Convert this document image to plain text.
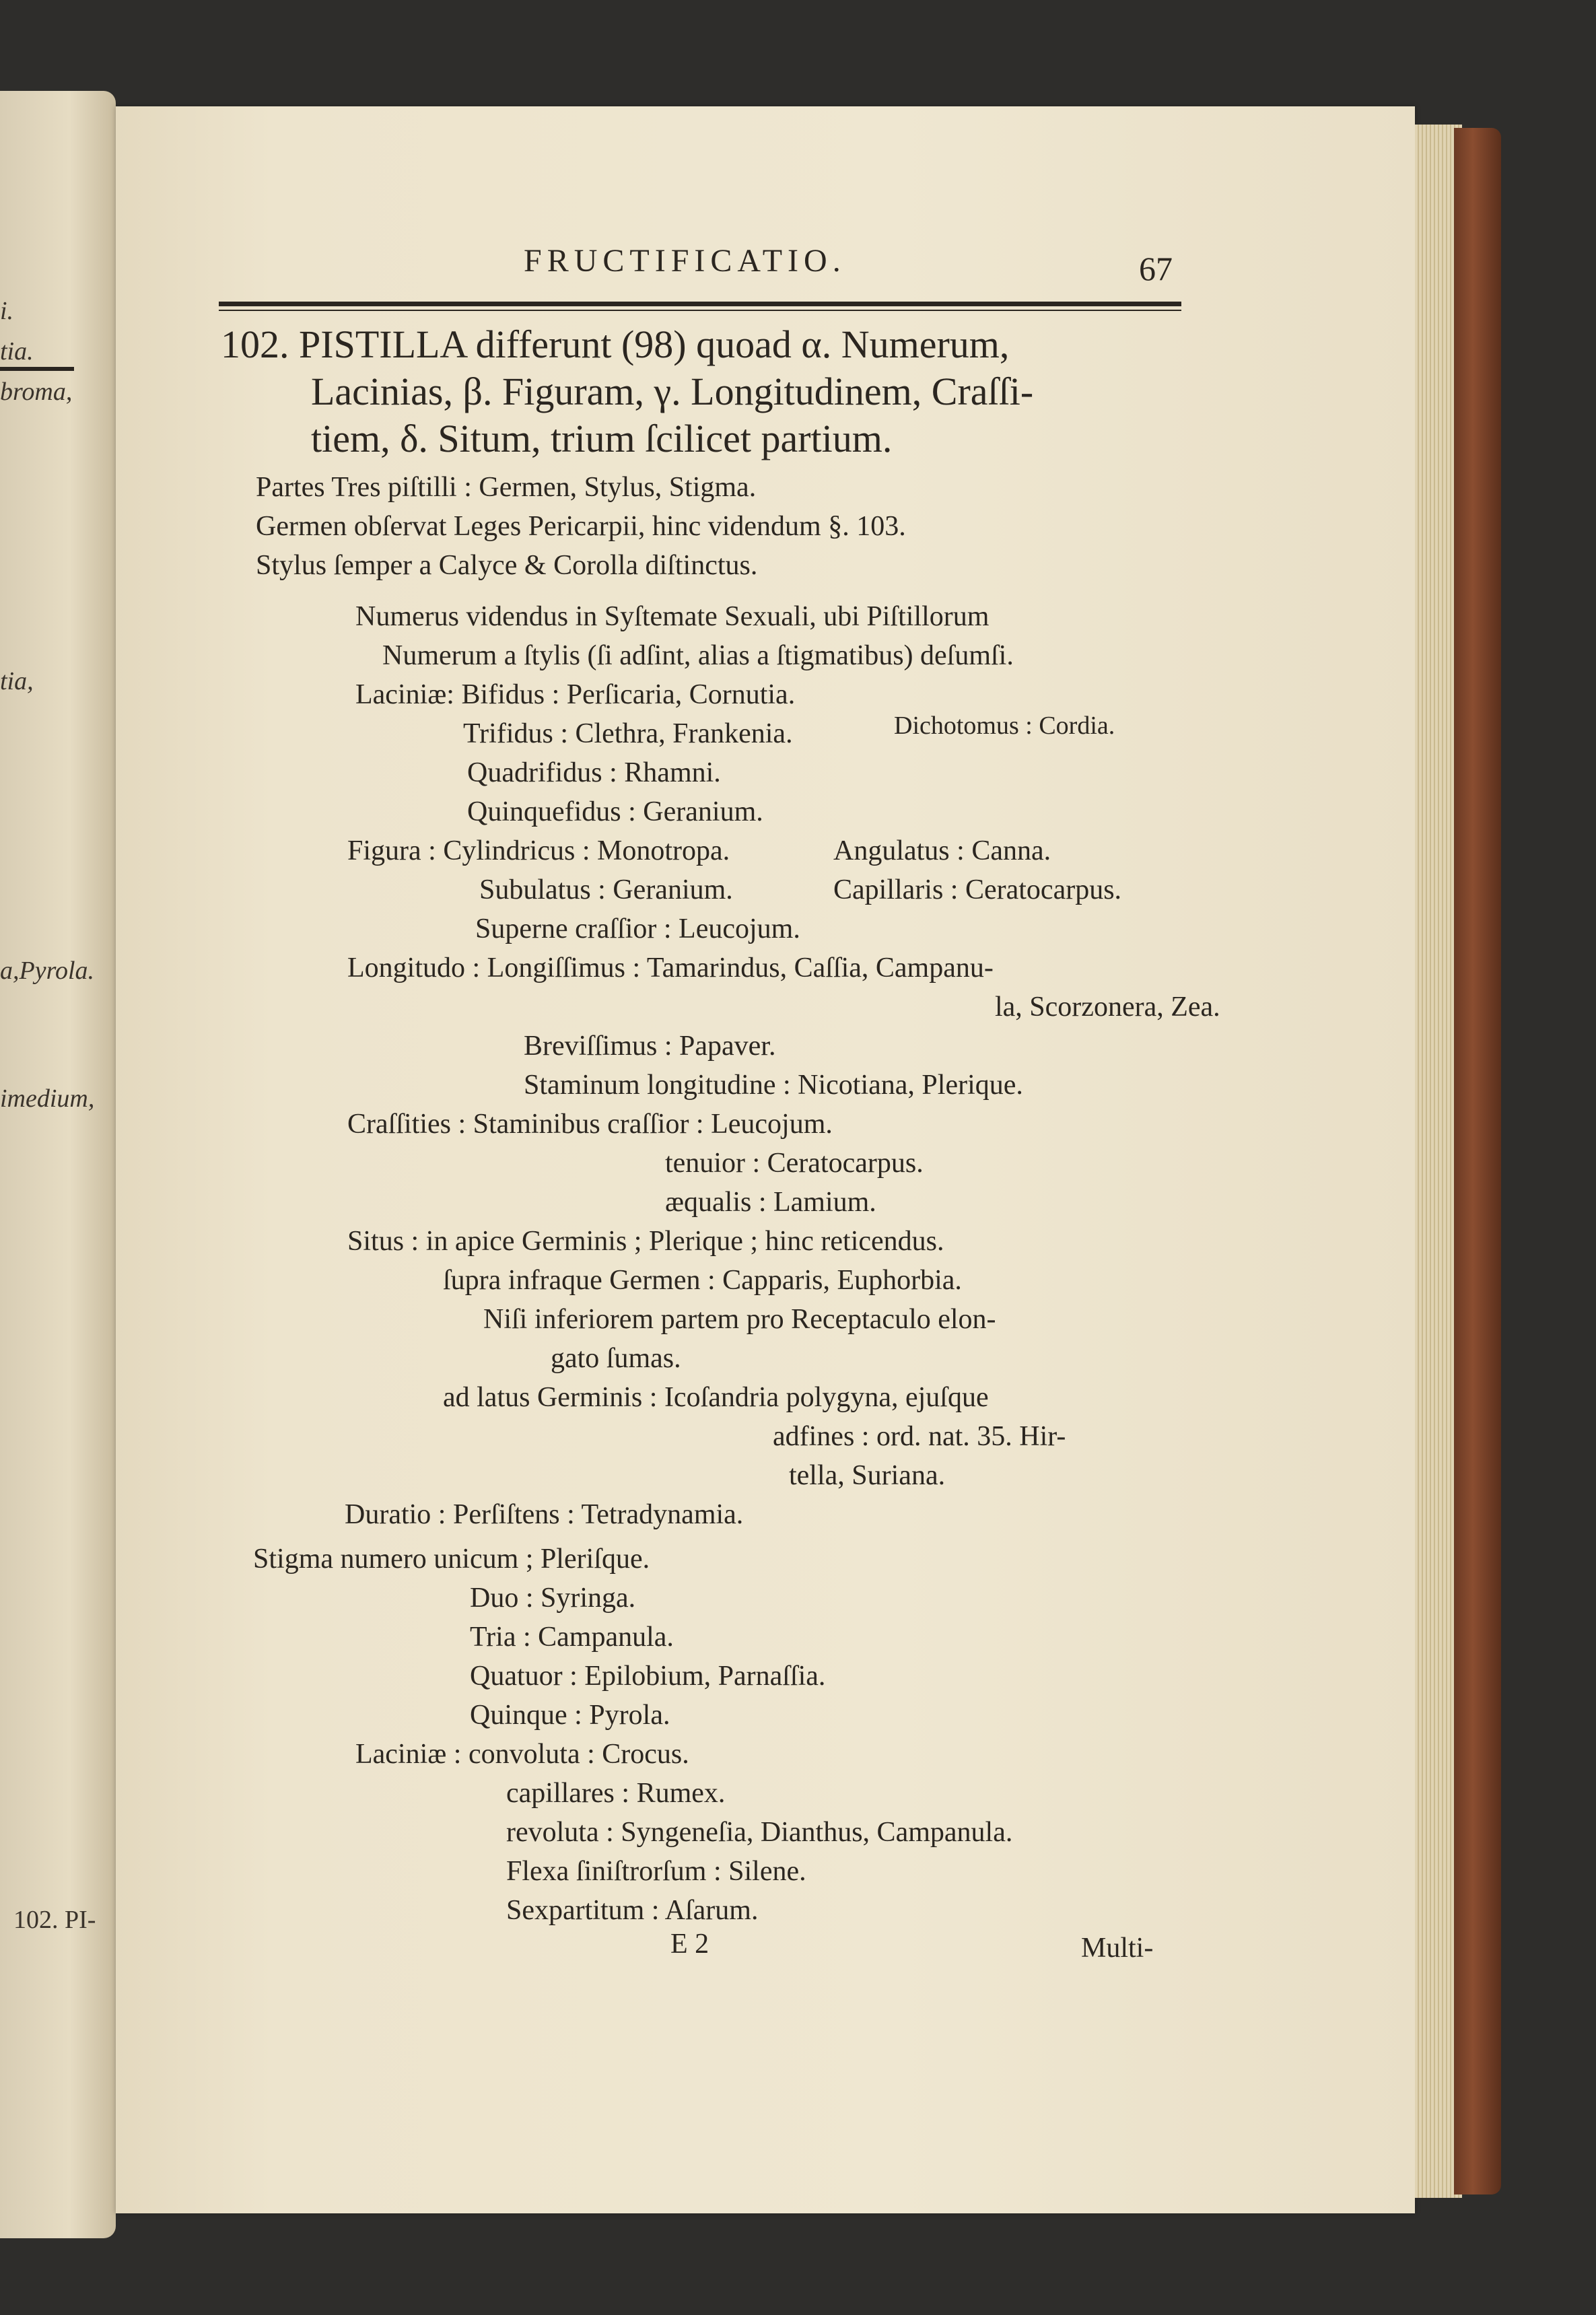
i.
tia.
broma,
tia,
a,Pyrola.
imedium,
102. PI-
FRUCTIFICATIO.	67
102. PISTILLA differunt (98) quoad α. Numerum,
Lacinias, β. Figuram, γ. Longitudinem, Craſſi-
tiem, δ. Situm, trium ſcilicet partium.
Partes Tres piſtilli : Germen, Stylus, Stigma.
Germen obſervat Leges Pericarpii, hinc videndum §. 103.
Stylus ſemper a Calyce & Corolla diſtinctus.
Numerus videndus in Syſtemate Sexuali, ubi Piſtillorum
Numerum a ſtylis (ſi adſint, alias a ſtigmatibus) deſumſi.
Laciniæ: Bifidus : Perſicaria, Cornutia.
Trifidus : Clethra, Frankenia.	Dichotomus : Cordia.
Quadrifidus : Rhamni.
Quinquefidus : Geranium.
Figura : Cylindricus : Monotropa.	Angulatus : Canna.
Subulatus : Geranium.	Capillaris : Ceratocarpus.
Superne craſſior : Leucojum.
Longitudo : Longiſſimus : Tamarindus, Caſſia, Campanu-
la, Scorzonera, Zea.
Breviſſimus : Papaver.
Staminum longitudine : Nicotiana, Plerique.
Craſſities : Staminibus craſſior : Leucojum.
tenuior : Ceratocarpus.
æqualis : Lamium.
Situs : in apice Germinis ; Plerique ; hinc reticendus.
ſupra infraque Germen : Capparis, Euphorbia.
Niſi inferiorem partem pro Receptaculo elon-
gato ſumas.
ad latus Germinis : Icoſandria polygyna, ejuſque
adfines : ord. nat. 35. Hir-
tella, Suriana.
Duratio : Perſiſtens : Tetradynamia.
Stigma numero unicum ; Pleriſque.
Duo : Syringa.
Tria : Campanula.
Quatuor : Epilobium, Parnaſſia.
Quinque : Pyrola.
Laciniæ : convoluta : Crocus.
capillares : Rumex.
revoluta : Syngeneſia, Dianthus, Campanula.
Flexa ſiniſtrorſum : Silene.
Sexpartitum : Aſarum.
E 2	Multi-
